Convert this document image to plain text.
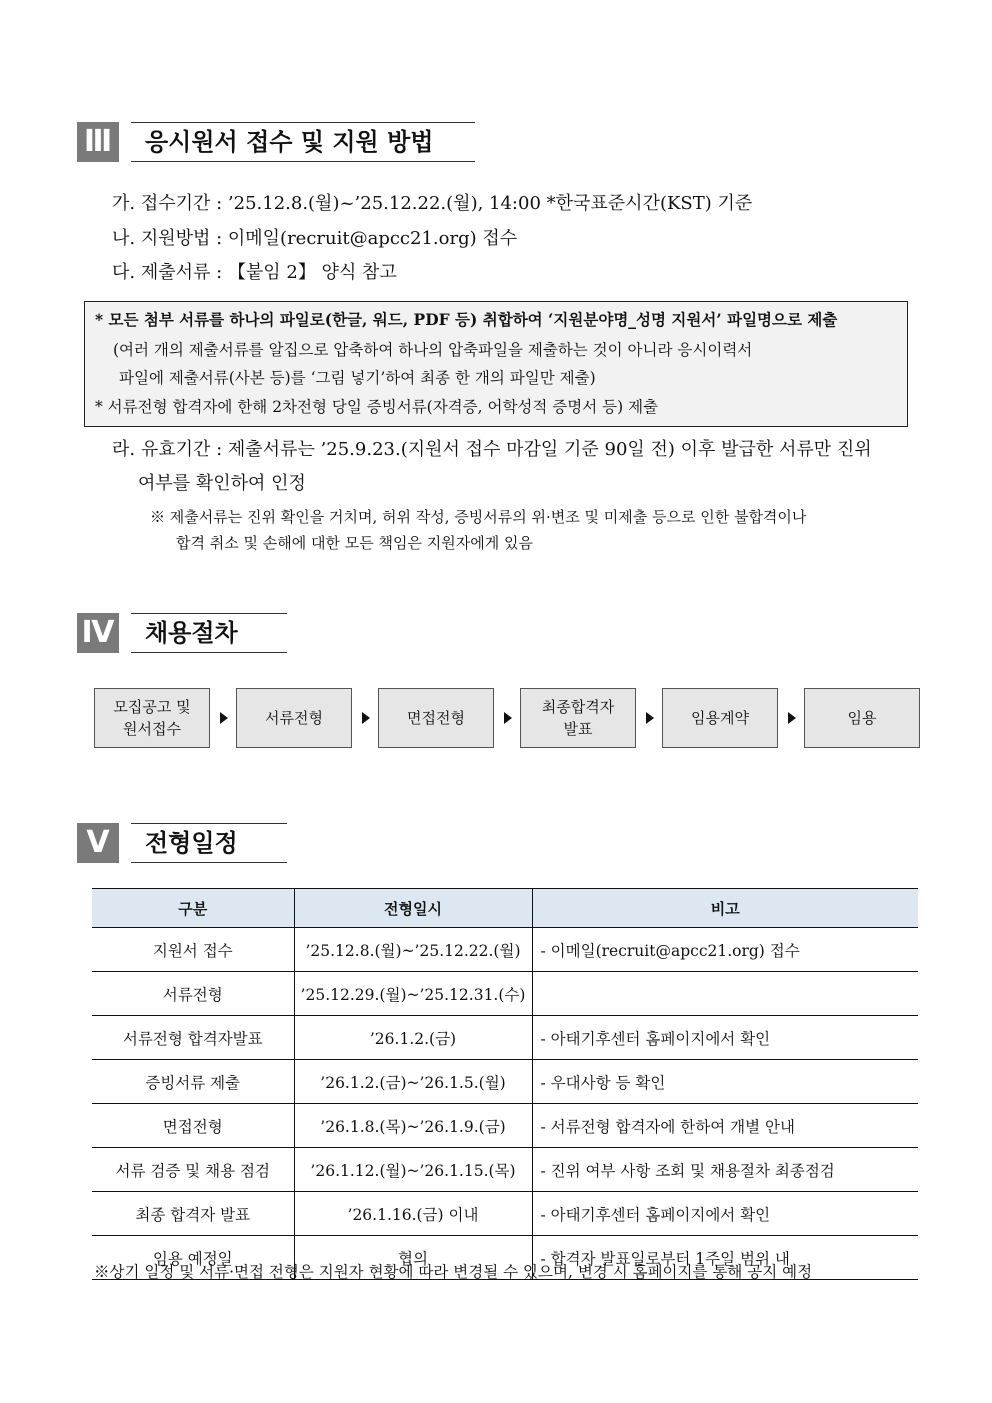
Ⅲ	응시원서 접수 및 지원 방법
가. 접수기간 : ’25.12.8.(월)~’25.12.22.(월), 14:00 *한국표준시간(KST) 기준
나. 지원방법 : 이메일(recruit@apcc21.org) 접수
다. 제출서류 : 【붙임 2】 양식 참고
* 모든 첨부 서류를 하나의 파일로(한글, 워드, PDF 등) 취합하여 ‘지원분야명_성명 지원서’ 파일명으로 제출
(여러 개의 제출서류를 알집으로 압축하여 하나의 압축파일을 제출하는 것이 아니라 응시이력서
파일에 제출서류(사본 등)를 ‘그림 넣기’하여 최종 한 개의 파일만 제출)
* 서류전형 합격자에 한해 2차전형 당일 증빙서류(자격증, 어학성적 증명서 등) 제출
라. 유효기간 : 제출서류는 ’25.9.23.(지원서 접수 마감일 기준 90일 전) 이후 발급한 서류만 진위
여부를 확인하여 인정
※ 제출서류는 진위 확인을 거치며, 허위 작성, 증빙서류의 위·변조 및 미제출 등으로 인한 불합격이나
합격 취소 및 손해에 대한 모든 책임은 지원자에게 있음
Ⅳ	채용절차
모집공고 및
원서접수
서류전형	면접전형
최종합격자
발표
임용계약	임용
Ⅴ	전형일정
구분	전형일시	비고
지원서 접수	’25.12.8.(월)~’25.12.22.(월)	- 이메일(recruit@apcc21.org) 접수
서류전형	’25.12.29.(월)~’25.12.31.(수)	
서류전형 합격자발표	’26.1.2.(금)	- 아태기후센터 홈페이지에서 확인
증빙서류 제출	’26.1.2.(금)~’26.1.5.(월)	- 우대사항 등 확인
면접전형	’26.1.8.(목)~’26.1.9.(금)	- 서류전형 합격자에 한하여 개별 안내
서류 검증 및 채용 점검	’26.1.12.(월)~’26.1.15.(목)	- 진위 여부 사항 조회 및 채용절차 최종점검
최종 합격자 발표	’26.1.16.(금) 이내	- 아태기후센터 홈페이지에서 확인
임용 예정일	협의	- 합격자 발표일로부터 1주일 범위 내
※상기 일정 및 서류·면접 전형은 지원자 현황에 따라 변경될 수 있으며, 변경 시 홈페이지를 통해 공지 예정
